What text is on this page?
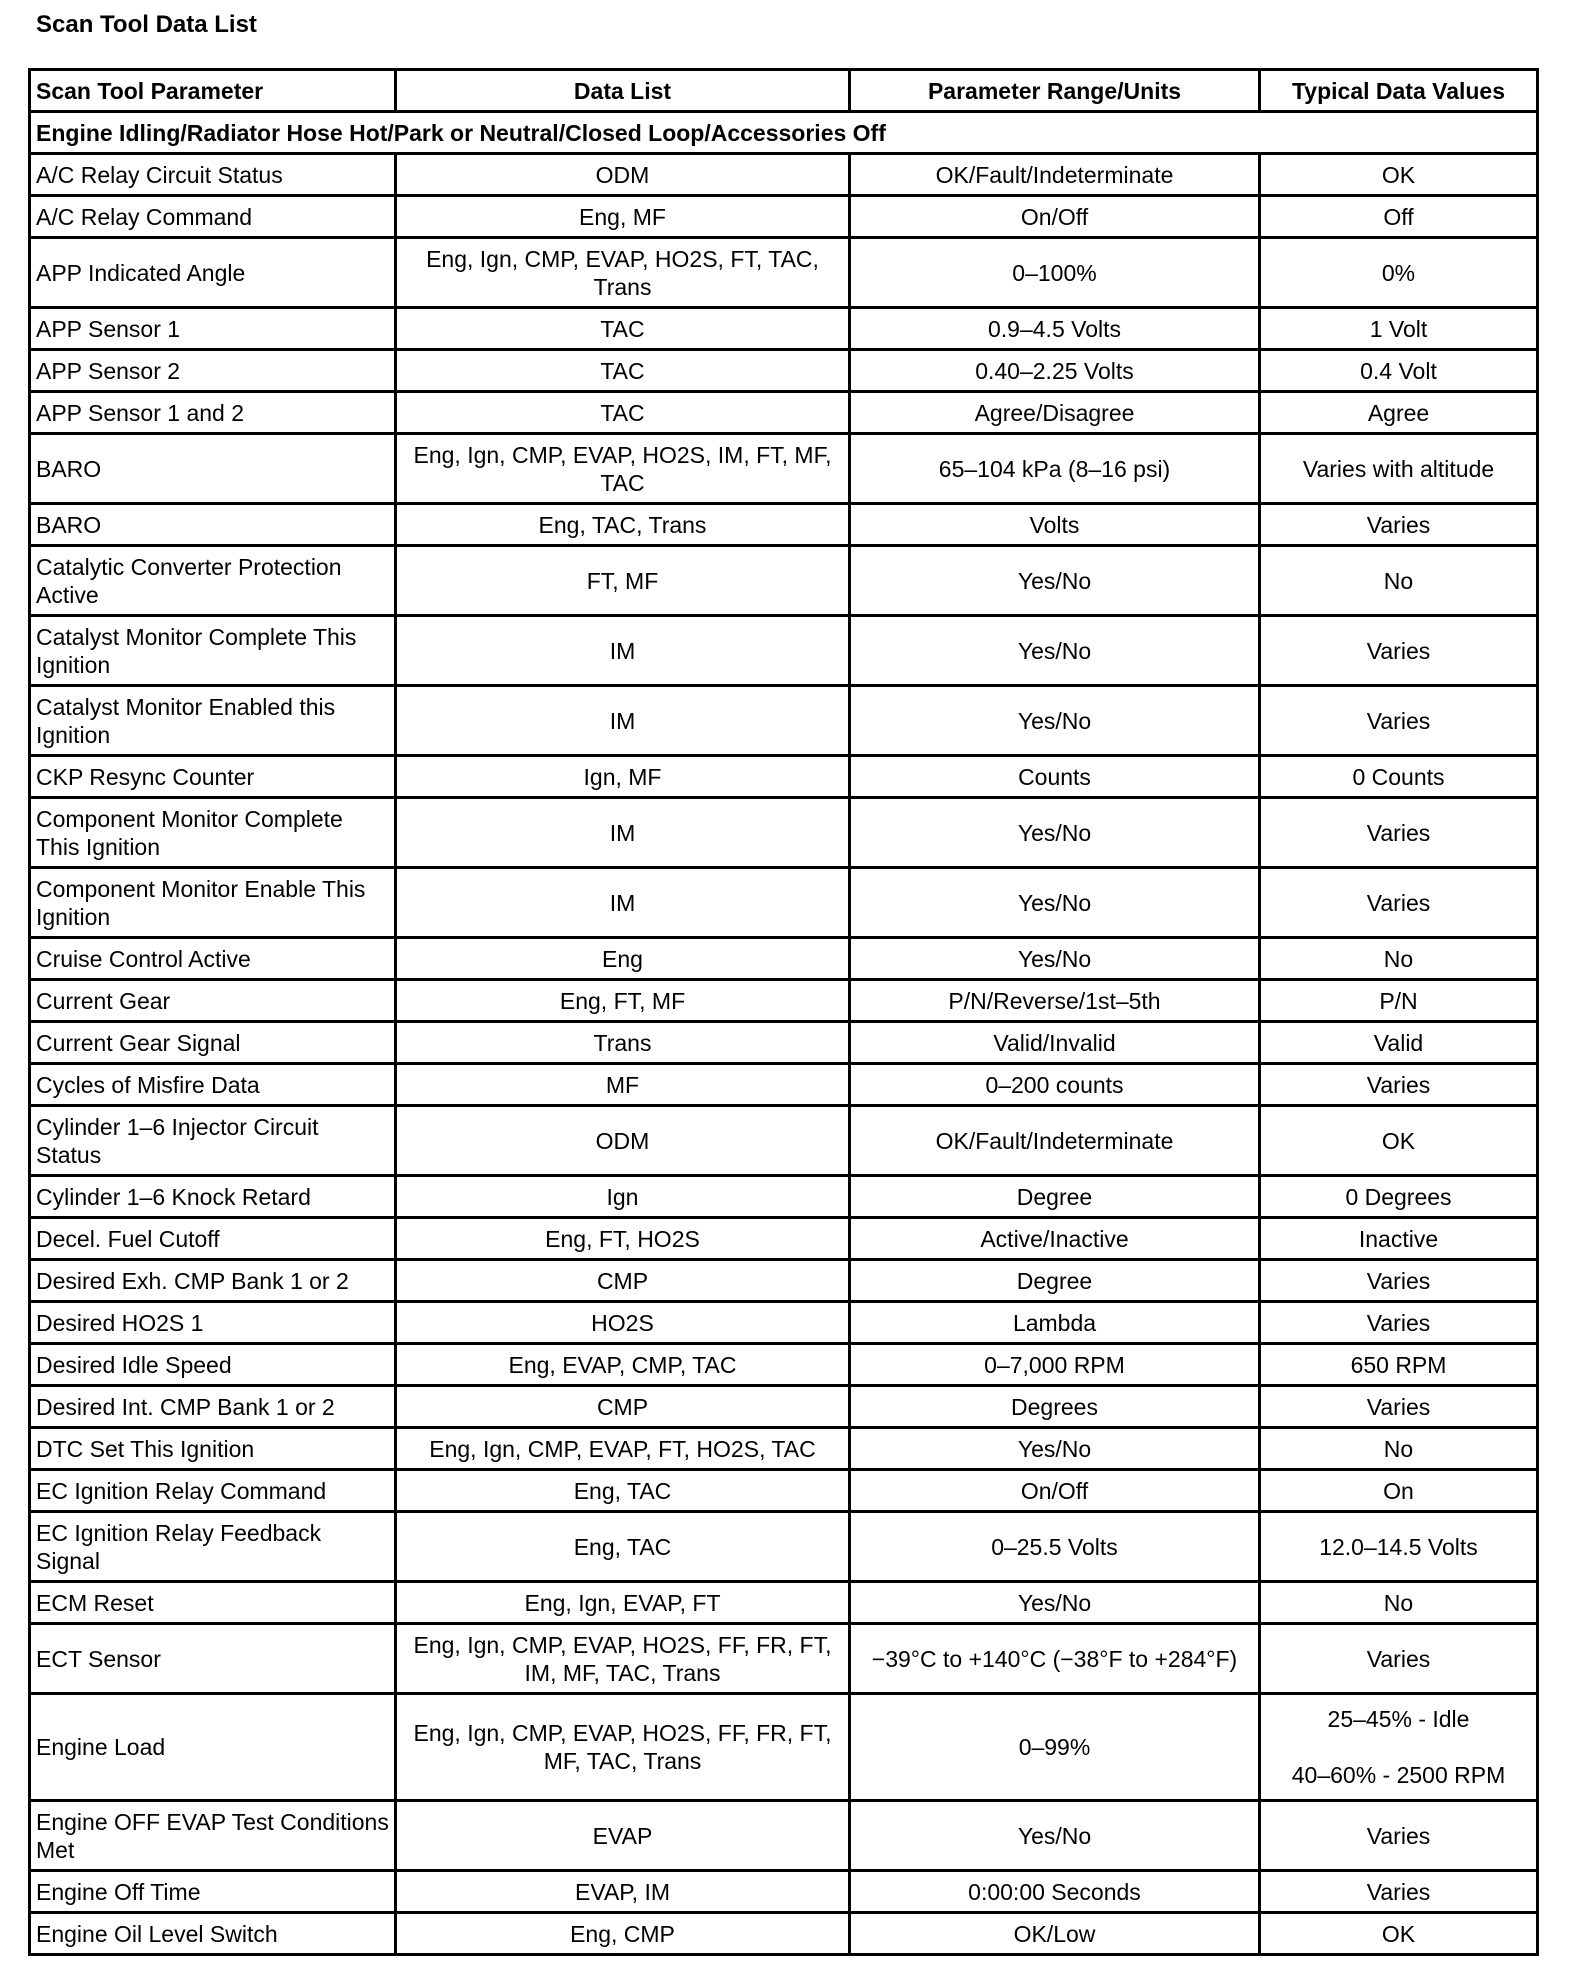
Scan Tool Data List
Scan Tool Parameter	Data List	Parameter Range/Units	Typical Data Values
Engine Idling/Radiator Hose Hot/Park or Neutral/Closed Loop/Accessories Off			
A/C Relay Circuit Status	ODM	OK/Fault/Indeterminate	OK
A/C Relay Command	Eng, MF	On/Off	Off
APP Indicated Angle	Eng, Ign, CMP, EVAP, HO2S, FT, TAC, Trans	0–100%	0%
APP Sensor 1	TAC	0.9–4.5 Volts	1 Volt
APP Sensor 2	TAC	0.40–2.25 Volts	0.4 Volt
APP Sensor 1 and 2	TAC	Agree/Disagree	Agree
BARO	Eng, Ign, CMP, EVAP, HO2S, IM, FT, MF, TAC	65–104 kPa (8–16 psi)	Varies with altitude
BARO	Eng, TAC, Trans	Volts	Varies
Catalytic Converter Protection Active	FT, MF	Yes/No	No
Catalyst Monitor Complete This Ignition	IM	Yes/No	Varies
Catalyst Monitor Enabled this Ignition	IM	Yes/No	Varies
CKP Resync Counter	Ign, MF	Counts	0 Counts
Component Monitor Complete This Ignition	IM	Yes/No	Varies
Component Monitor Enable This Ignition	IM	Yes/No	Varies
Cruise Control Active	Eng	Yes/No	No
Current Gear	Eng, FT, MF	P/N/Reverse/1st–5th	P/N
Current Gear Signal	Trans	Valid/Invalid	Valid
Cycles of Misfire Data	MF	0–200 counts	Varies
Cylinder 1–6 Injector Circuit Status	ODM	OK/Fault/Indeterminate	OK
Cylinder 1–6 Knock Retard	Ign	Degree	0 Degrees
Decel. Fuel Cutoff	Eng, FT, HO2S	Active/Inactive	Inactive
Desired Exh. CMP Bank 1 or 2	CMP	Degree	Varies
Desired HO2S 1	HO2S	Lambda	Varies
Desired Idle Speed	Eng, EVAP, CMP, TAC	0–7,000 RPM	650 RPM
Desired Int. CMP Bank 1 or 2	CMP	Degrees	Varies
DTC Set This Ignition	Eng, Ign, CMP, EVAP, FT, HO2S, TAC	Yes/No	No
EC Ignition Relay Command	Eng, TAC	On/Off	On
EC Ignition Relay Feedback Signal	Eng, TAC	0–25.5 Volts	12.0–14.5 Volts
ECM Reset	Eng, Ign, EVAP, FT	Yes/No	No
ECT Sensor	Eng, Ign, CMP, EVAP, HO2S, FF, FR, FT, IM, MF, TAC, Trans	−39°C to +140°C (−38°F to +284°F)	Varies
Engine Load	Eng, Ign, CMP, EVAP, HO2S, FF, FR, FT, MF, TAC, Trans	0–99%	25–45% - Idle
40–60% - 2500 RPM

Engine OFF EVAP Test Conditions Met	EVAP	Yes/No	Varies
Engine Off Time	EVAP, IM	0:00:00 Seconds	Varies
Engine Oil Level Switch	Eng, CMP	OK/Low	OK
